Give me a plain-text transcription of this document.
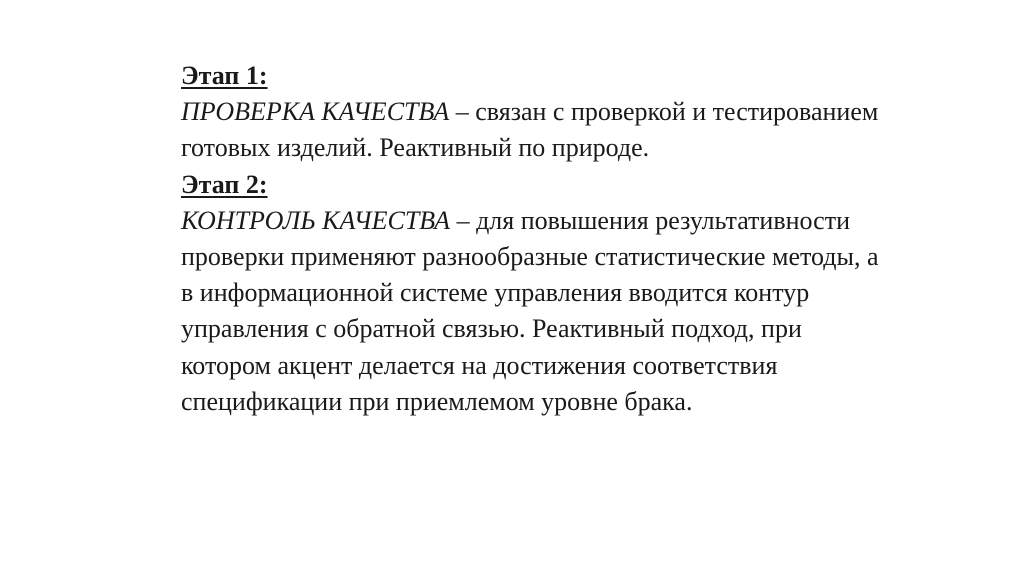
Этап 1:
ПРОВЕРКА КАЧЕСТВА – связан с проверкой и тестированием готовых изделий. Реактивный по природе.
Этап 2:
КОНТРОЛЬ КАЧЕСТВА – для повышения результативности проверки применяют разнообразные статистические методы, а в информационной системе управления вводится контур управления с обратной связью. Реактивный подход, при котором акцент делается на достижения соответствия спецификации при приемлемом уровне брака.
